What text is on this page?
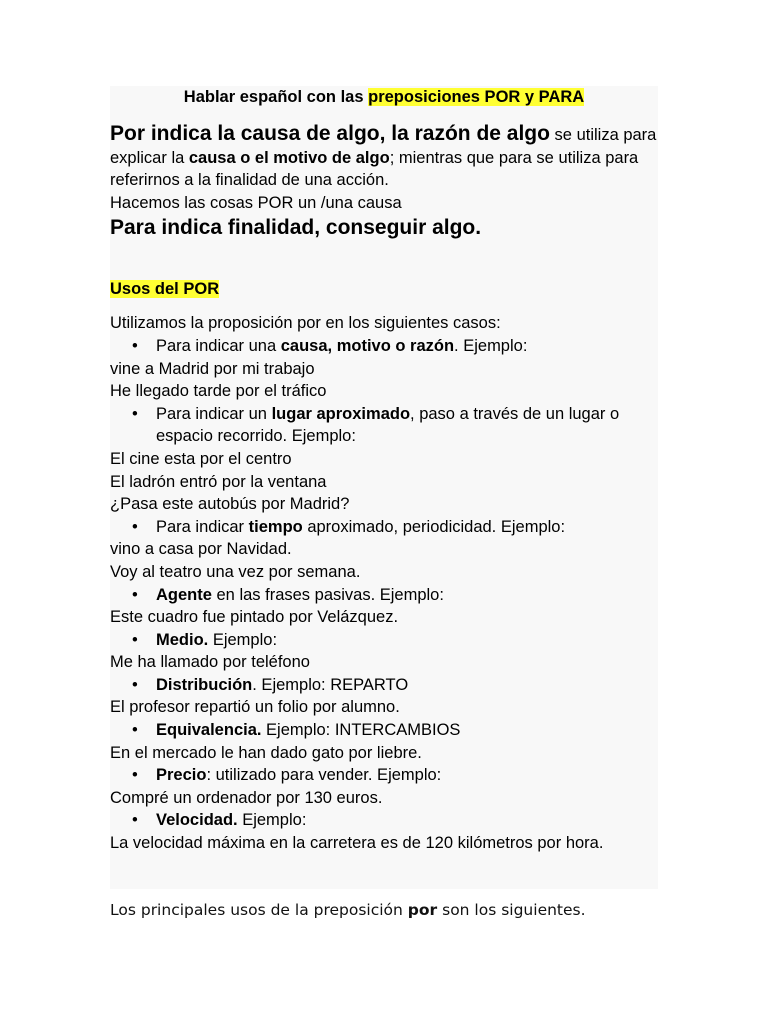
Hablar español con las preposiciones POR y PARA

Por indica la causa de algo, la razón de algo se utiliza para explicar la causa o el motivo de algo; mientras que para se utiliza para referirnos a la finalidad de una acción.

Hacemos las cosas POR un /una causa

Para indica finalidad, conseguir algo.

Usos del POR

Utilizamos la proposición por en los siguientes casos:

• Para indicar una causa, motivo o razón. Ejemplo:

vine a Madrid por mi trabajo

He llegado tarde por el tráfico

• Para indicar un lugar aproximado, paso a través de un lugar o espacio recorrido. Ejemplo:

El cine esta por el centro

El ladrón entró por la ventana

¿Pasa este autobús por Madrid?

• Para indicar tiempo aproximado, periodicidad. Ejemplo:

vino a casa por Navidad.

Voy al teatro una vez por semana.

• Agente en las frases pasivas. Ejemplo:

Este cuadro fue pintado por Velázquez.

• Medio. Ejemplo:

Me ha llamado por teléfono

• Distribución. Ejemplo: REPARTO

El profesor repartió un folio por alumno.

• Equivalencia. Ejemplo: INTERCAMBIOS

En el mercado le han dado gato por liebre.

• Precio: utilizado para vender. Ejemplo:

Compré un ordenador por 130 euros.

• Velocidad. Ejemplo:

La velocidad máxima en la carretera es de 120 kilómetros por hora.

Los principales usos de la preposición por son los siguientes.
